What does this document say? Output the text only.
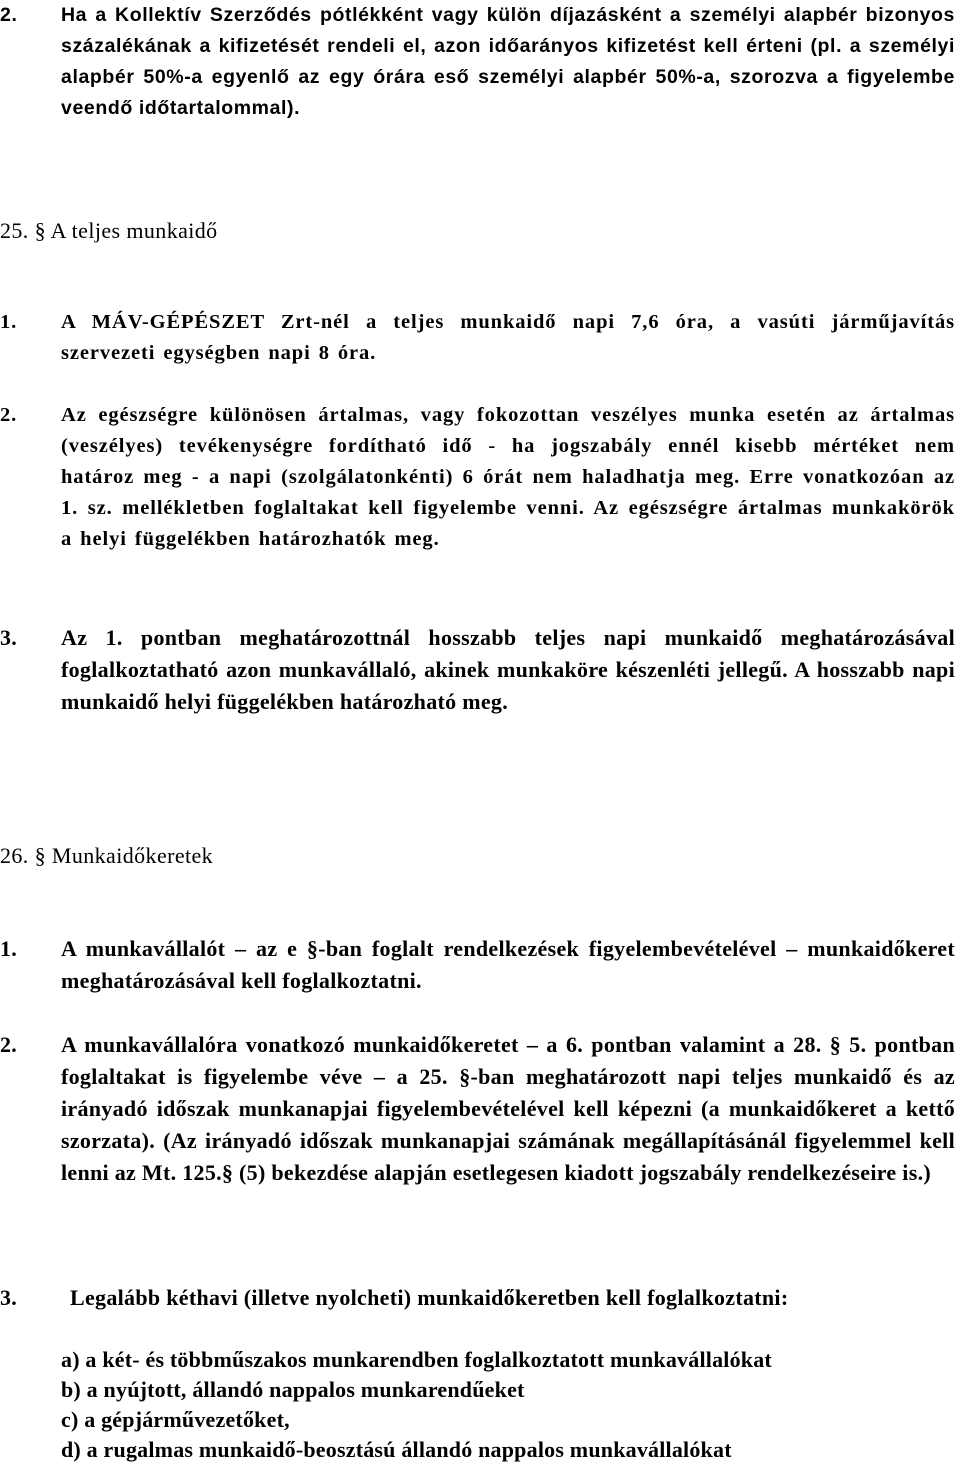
2. Ha a Kollektív Szerződés pótlékként vagy külön díjazásként a személyi alapbér bizonyos százalékának a kifizetését rendeli el, azon időarányos kifizetést kell érteni (pl. a személyi alapbér 50%-a egyenlő az egy órára eső személyi alapbér 50%-a, szorozva a figyelembe veendő időtartalommal).
25. § A teljes munkaidő
1. A MÁV-GÉPÉSZET Zrt-nél a teljes munkaidő napi 7,6 óra, a vasúti járműjavítás szervezeti egységben napi 8 óra.
2. Az egészségre különösen ártalmas, vagy fokozottan veszélyes munka esetén az ártalmas (veszélyes) tevékenységre fordítható idő - ha jogszabály ennél kisebb mértéket nem határoz meg - a napi (szolgálatonkénti) 6 órát nem haladhatja meg. Erre vonatkozóan az 1. sz. mellékletben foglaltakat kell figyelembe venni. Az egészségre ártalmas munkakörök a helyi függelékben határozhatók meg.
3. Az 1. pontban meghatározottnál hosszabb teljes napi munkaidő meghatározásával foglalkoztatható azon munkavállaló, akinek munkaköre készenléti jellegű. A hosszabb napi munkaidő helyi függelékben határozható meg.
26. § Munkaidőkeretek
1. A munkavállalót – az e §-ban foglalt rendelkezések figyelembevételével – munkaidőkeret meghatározásával kell foglalkoztatni.
2. A munkavállalóra vonatkozó munkaidőkeretet – a 6. pontban valamint a 28. § 5. pontban foglaltakat is figyelembe véve – a 25. §-ban meghatározott napi teljes munkaidő és az irányadó időszak munkanapjai figyelembevételével kell képezni (a munkaidőkeret a kettő szorzata). (Az irányadó időszak munkanapjai számának megállapításánál figyelemmel kell lenni az Mt. 125.§ (5) bekezdése alapján esetlegesen kiadott jogszabály rendelkezéseire is.)
3. Legalább kéthavi (illetve nyolcheti) munkaidőkeretben kell foglalkoztatni:
a) a két- és többműszakos munkarendben foglalkoztatott munkavállalókat
b) a nyújtott, állandó nappalos munkarendűeket
c) a gépjárművezetőket,
d) a rugalmas munkaidő-beosztású állandó nappalos munkavállalókat
